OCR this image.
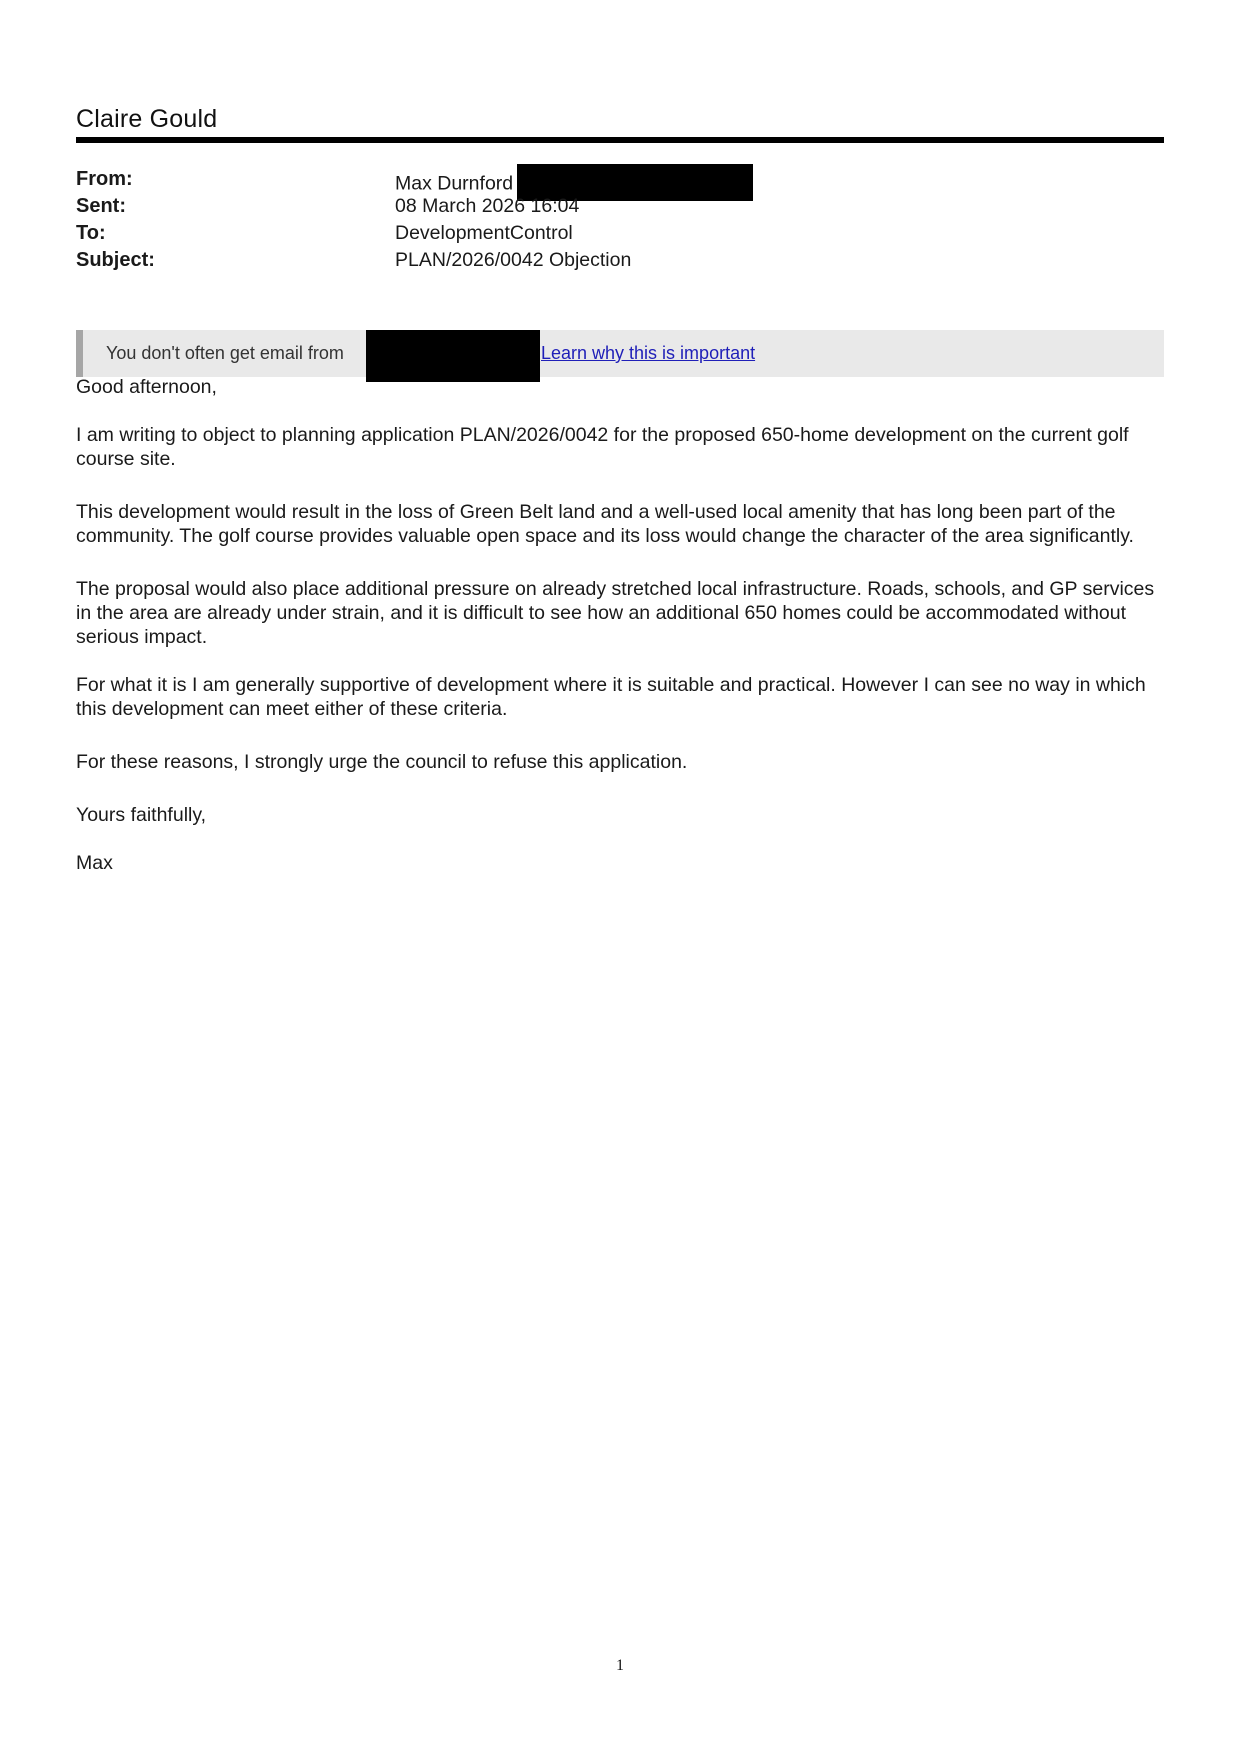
Claire Gould
From:	Max Durnford
Sent:	08 March 2026 16:04
To:	DevelopmentControl
Subject:	PLAN/2026/0042 Objection
You don't often get email from	Learn why this is important

Good afternoon,

I am writing to object to planning application PLAN/2026/0042 for the proposed 650-home development on the current golf course site.

This development would result in the loss of Green Belt land and a well-used local amenity that has long been part of the community. The golf course provides valuable open space and its loss would change the character of the area significantly.

The proposal would also place additional pressure on already stretched local infrastructure. Roads, schools, and GP services in the area are already under strain, and it is difficult to see how an additional 650 homes could be accommodated without serious impact.

For what it is I am generally supportive of development where it is suitable and practical. However I can see no way in which this development can meet either of these criteria.

For these reasons, I strongly urge the council to refuse this application.

Yours faithfully,

Max

1
